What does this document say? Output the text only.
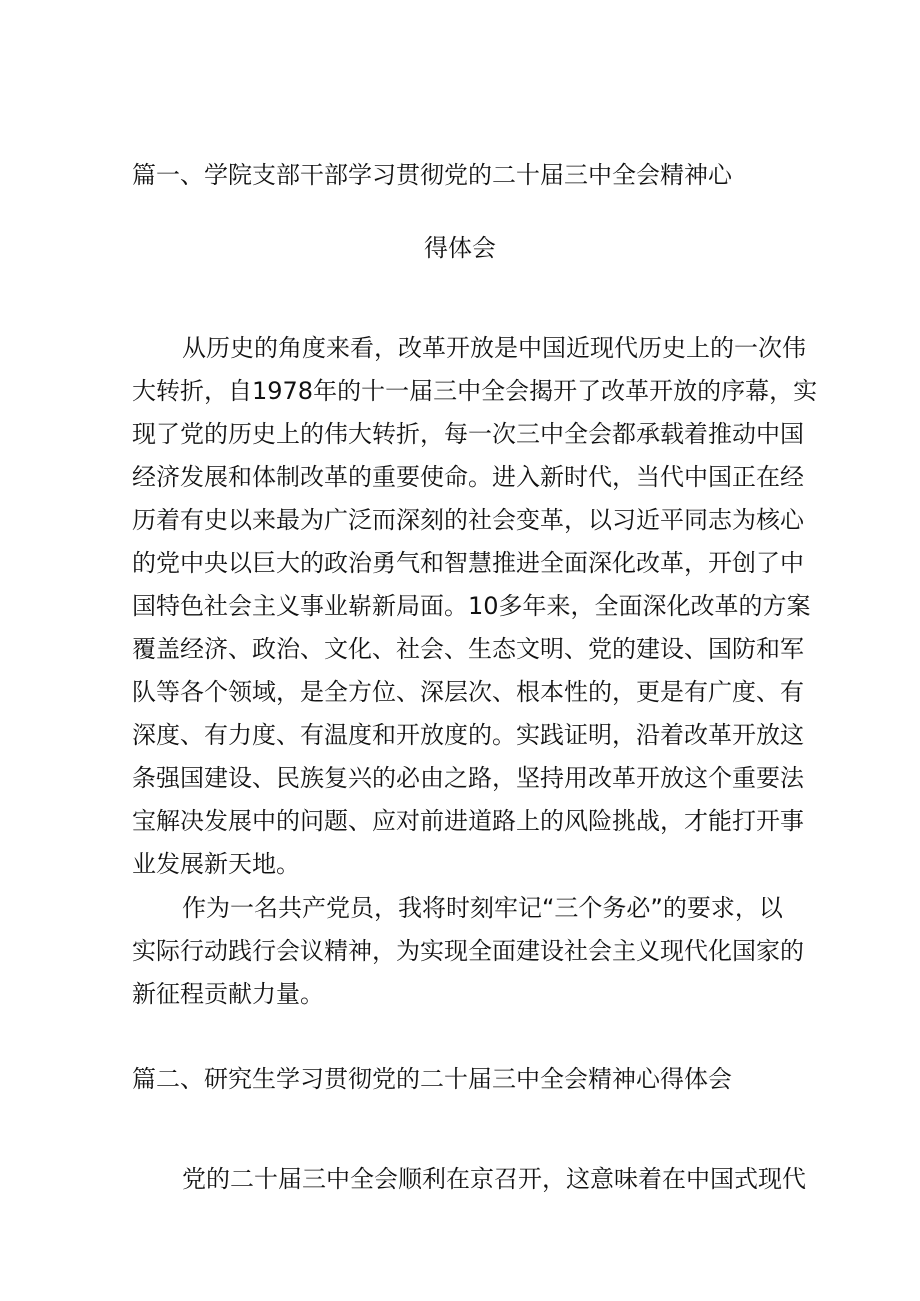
篇一、学院支部干部学习贯彻党的二十届三中全会精神心
得体会
从历史的角度来看，改革开放是中国近现代历史上的一次伟
大转折，自1978年的十一届三中全会揭开了改革开放的序幕，实
现了党的历史上的伟大转折，每一次三中全会都承载着推动中国
经济发展和体制改革的重要使命。进入新时代，当代中国正在经
历着有史以来最为广泛而深刻的社会变革，以习近平同志为核心
的党中央以巨大的政治勇气和智慧推进全面深化改革，开创了中
国特色社会主义事业崭新局面。10多年来，全面深化改革的方案
覆盖经济、政治、文化、社会、生态文明、党的建设、国防和军
队等各个领域，是全方位、深层次、根本性的，更是有广度、有
深度、有力度、有温度和开放度的。实践证明，沿着改革开放这
条强国建设、民族复兴的必由之路，坚持用改革开放这个重要法
宝解决发展中的问题、应对前进道路上的风险挑战，才能打开事
业发展新天地。
作为一名共产党员，我将时刻牢记“三个务必”的要求，以
实际行动践行会议精神，为实现全面建设社会主义现代化国家的
新征程贡献力量。
篇二、研究生学习贯彻党的二十届三中全会精神心得体会
党的二十届三中全会顺利在京召开，这意味着在中国式现代
